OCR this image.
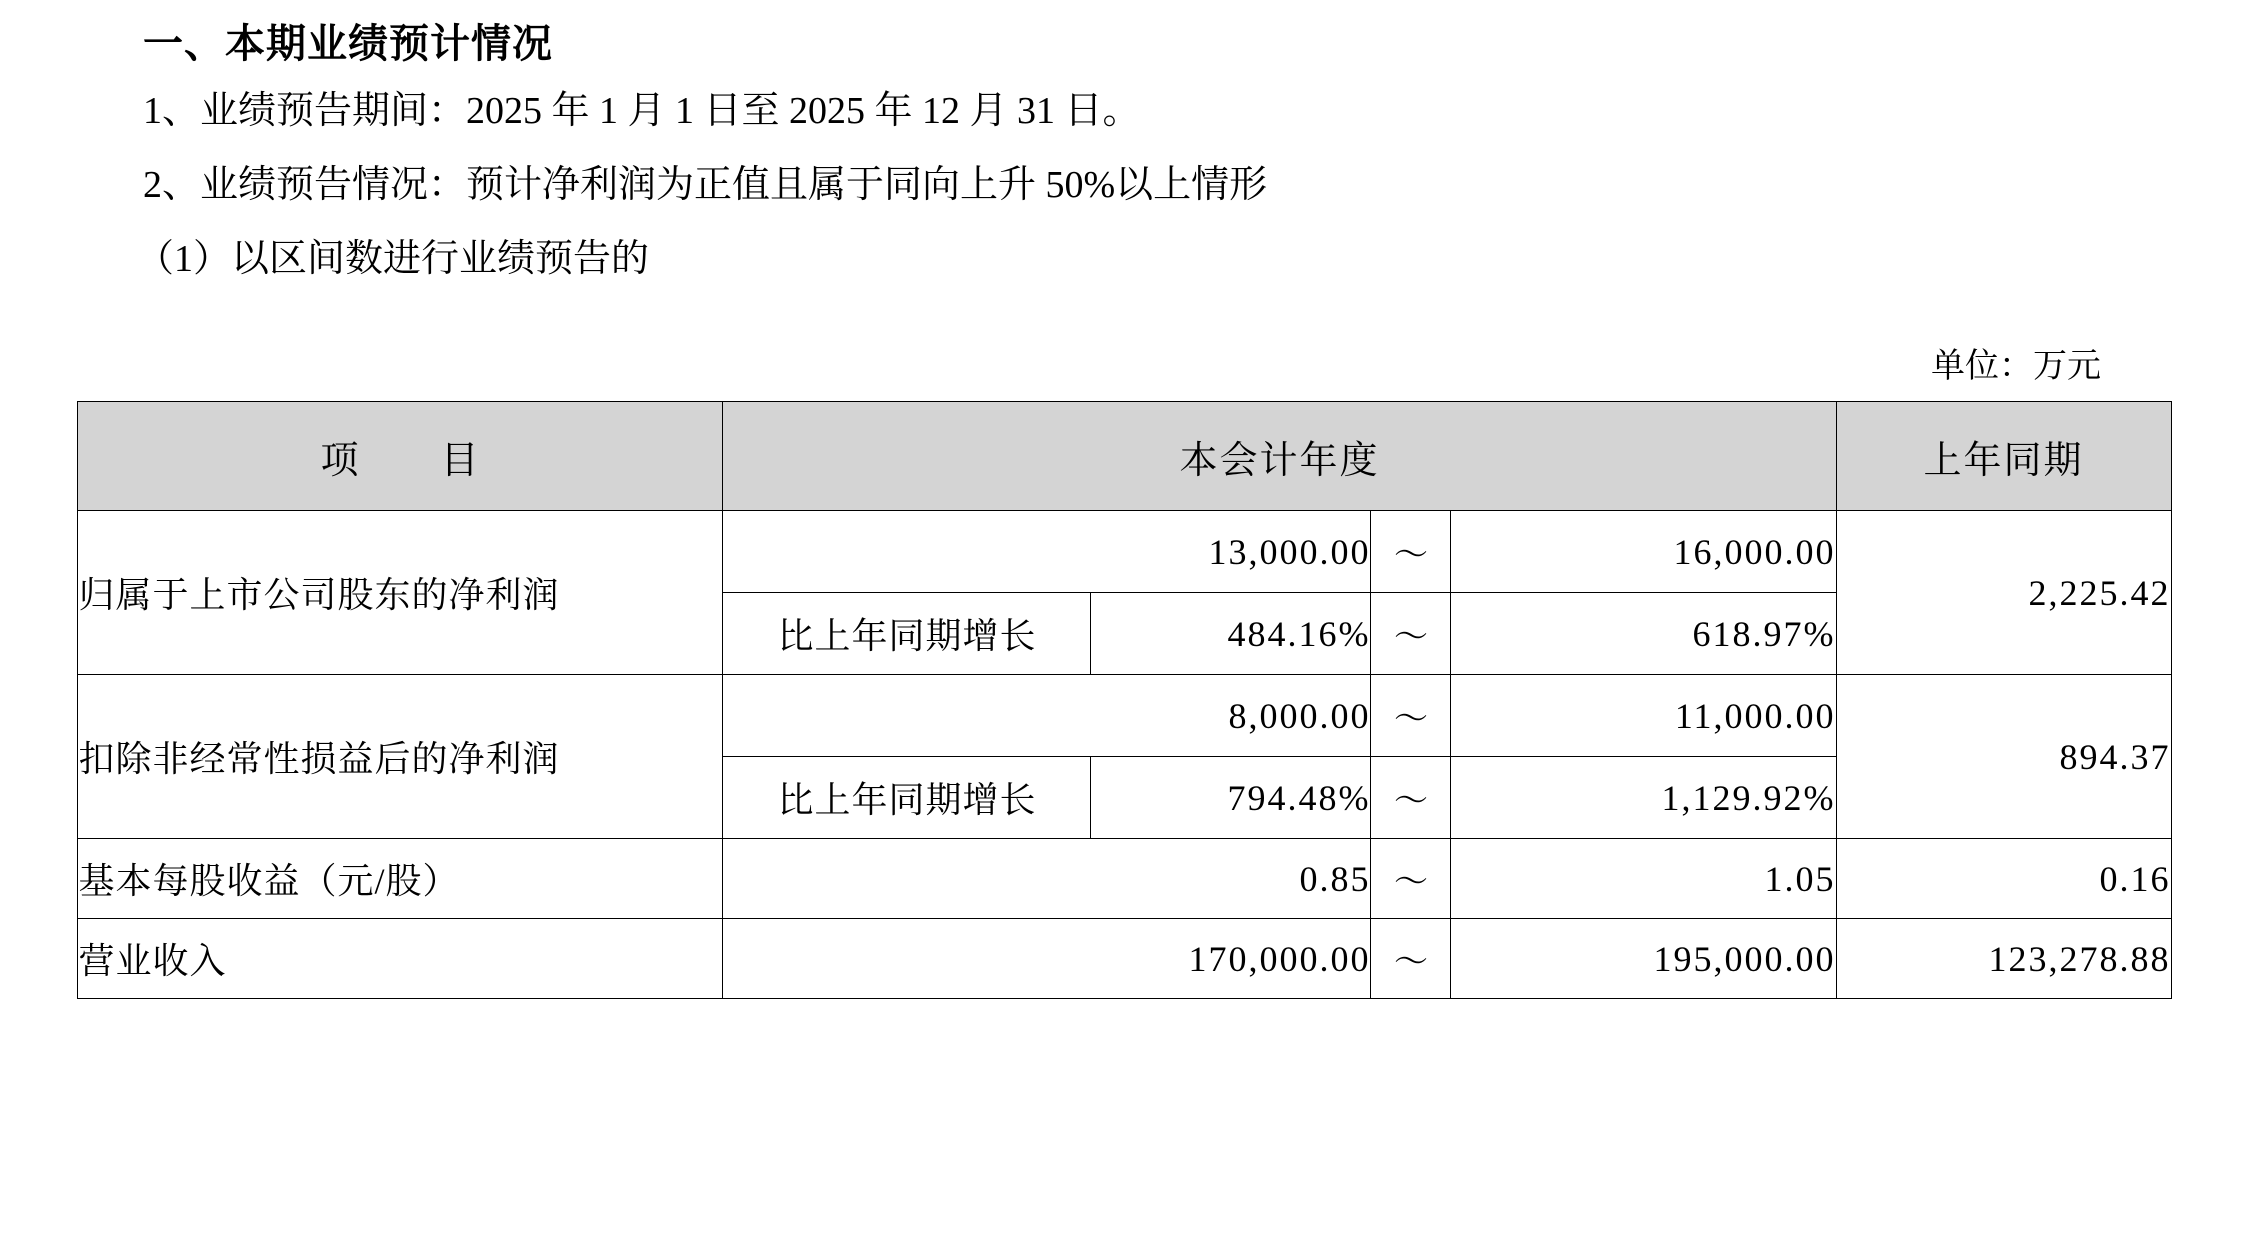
一、本期业绩预计情况
1、业绩预告期间：2025 年 1 月 1 日至 2025 年 12 月 31 日。
2、业绩预告情况：预计净利润为正值且属于同向上升 50%以上情形
（1）以区间数进行业绩预告的
单位：万元
项　　目	本会计年度				上年同期
归属于上市公司股东的净利润	13,000.00		～	16,000.00	2,225.42
	比上年同期增长	484.16%	～	618.97%	
扣除非经常性损益后的净利润	8,000.00		～	11,000.00	894.37
	比上年同期增长	794.48%	～	1,129.92%	
基本每股收益（元/股）	0.85		～	1.05	0.16
营业收入	170,000.00		～	195,000.00	123,278.88
